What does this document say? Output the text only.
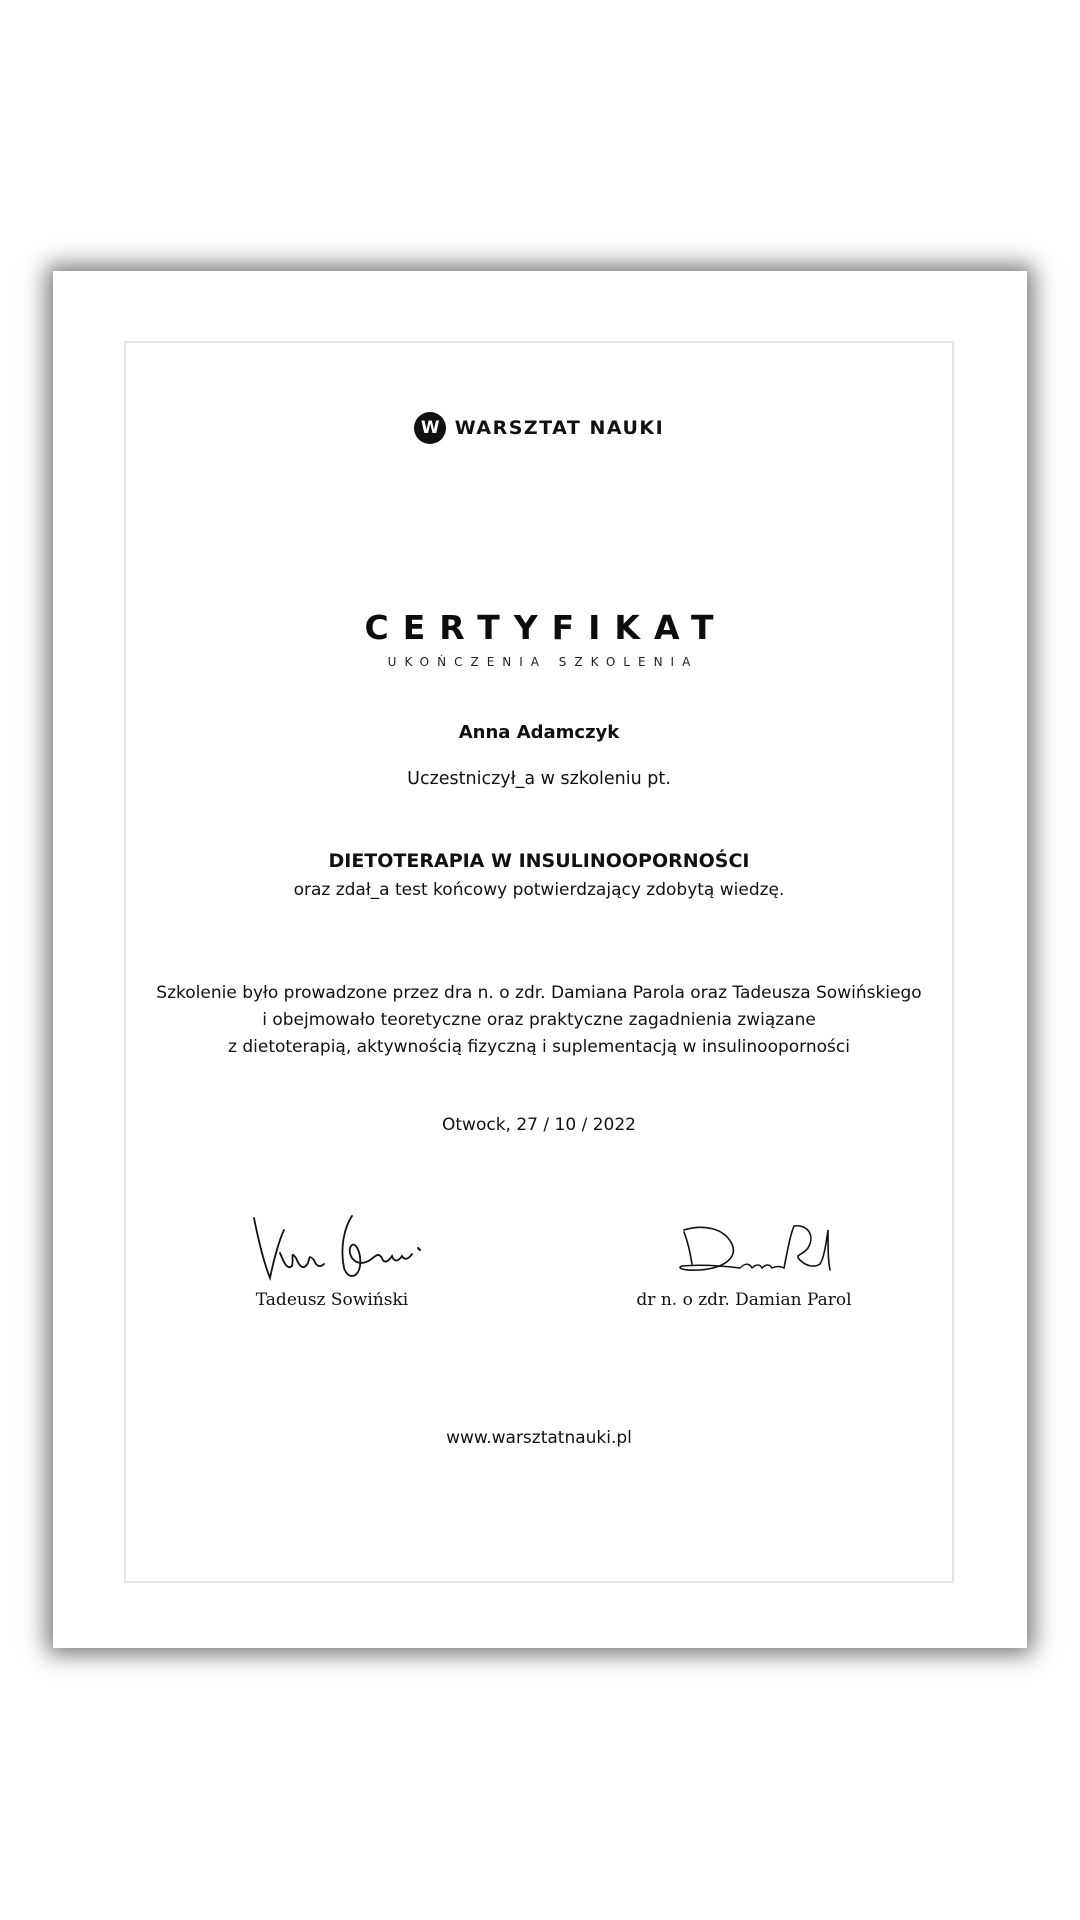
W WARSZTAT NAUKI
CERTYFIKAT
UKOŃCZENIA SZKOLENIA
Anna Adamczyk
Uczestniczył_a w szkoleniu pt.
DIETOTERAPIA W INSULINOOPORNOŚCI
oraz zdał_a test końcowy potwierdzający zdobytą wiedzę.
Szkolenie było prowadzone przez dra n. o zdr. Damiana Parola oraz Tadeusza Sowińskiego
i obejmowało teoretyczne oraz praktyczne zagadnienia związane
z dietoterapią, aktywnością fizyczną i suplementacją w insulinooporności
Otwock, 27 / 10 / 2022
Tadeusz Sowiński	dr n. o zdr. Damian Parol
www.warsztatnauki.pl
